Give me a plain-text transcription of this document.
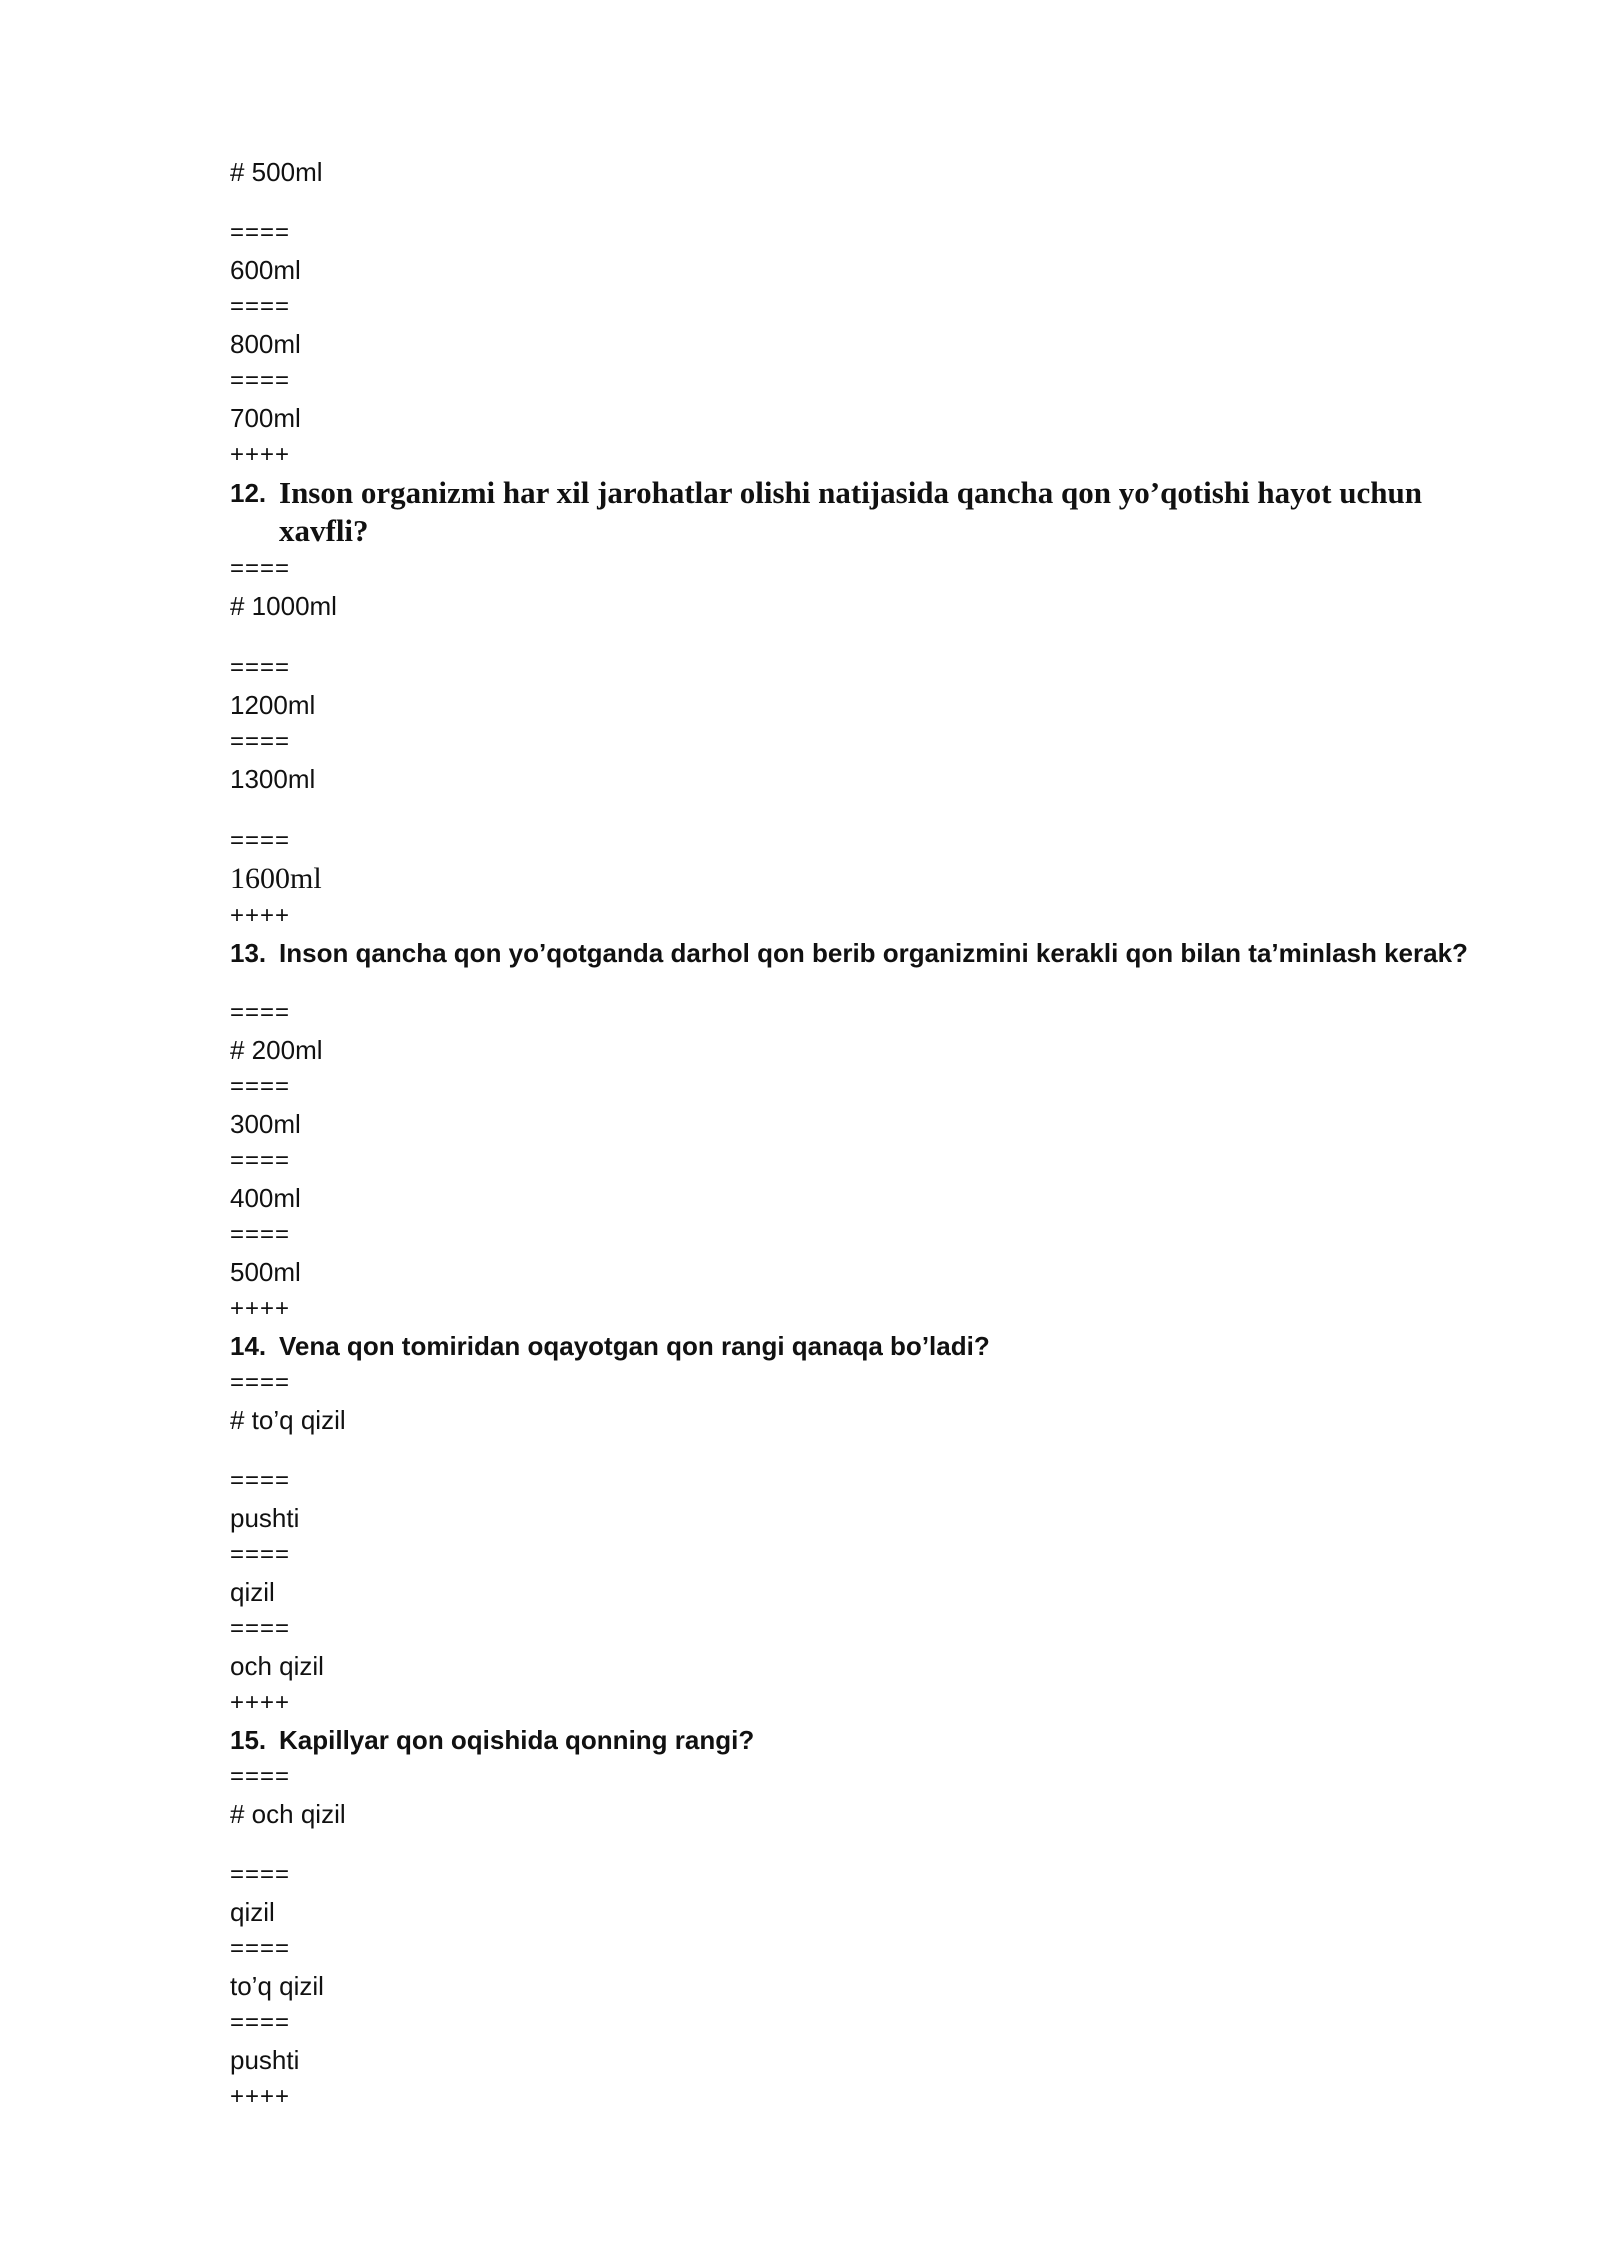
# 500ml
====
600ml
====
800ml
====
700ml
++++
12. Inson organizmi har xil jarohatlar olishi natijasida qancha qon yo’qotishi hayot uchun xavfli?
====
# 1000ml
====
1200ml
====
1300ml
====
1600ml
++++
13. Inson qancha qon yo’qotganda darhol qon berib organizmini kerakli qon bilan ta’minlash kerak?
====
# 200ml
====
300ml
====
400ml
====
500ml
++++
14. Vena qon tomiridan oqayotgan qon rangi qanaqa bo’ladi?
====
# to’q qizil
====
pushti
====
qizil
====
och qizil
++++
15. Kapillyar qon oqishida qonning rangi?
====
# och qizil
====
qizil
====
to’q qizil
====
pushti
++++
